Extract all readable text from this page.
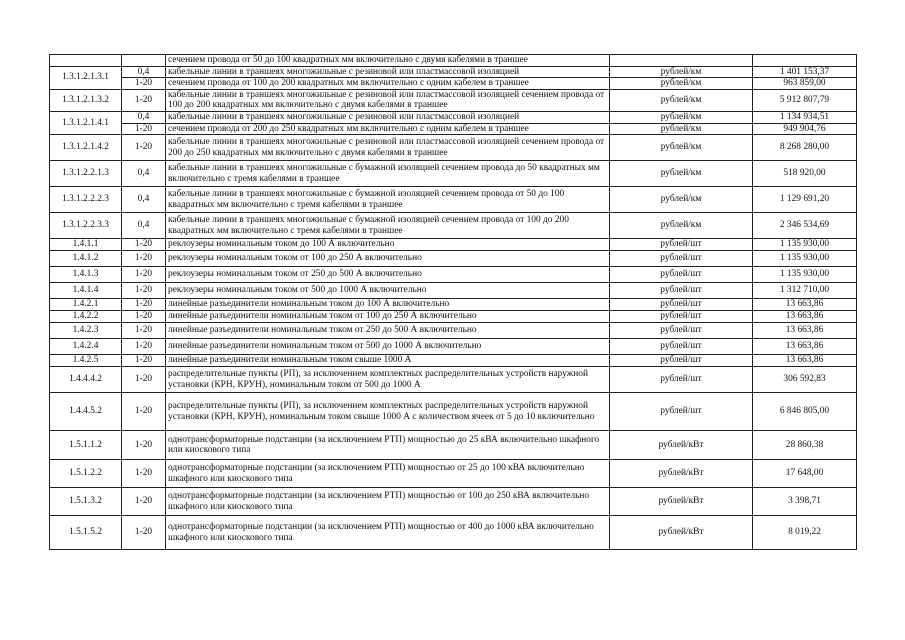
		сечением провода от 50 до 100 квадратных мм включительно с двумя кабелями в траншее		
1.3.1.2.1.3.1	0,4	кабельные линии в траншеях многожильные с резиновой или пластмассовой изоляцией	рублей/км	1 401 153,37
	1-20	сечением провода от 100 до 200 квадратных мм включительно с одним кабелем в траншее	рублей/км	963 859,00
1.3.1.2.1.3.2	1-20	кабельные линии в траншеях многожильные с резиновой или пластмассовой изоляцией сечением провода от 100 до 200 квадратных мм включительно с двумя кабелями в траншее	рублей/км	5 912 807,79
1.3.1.2.1.4.1	0,4	кабельные линии в траншеях многожильные с резиновой или пластмассовой изоляцией	рублей/км	1 134 934,51
	1-20	сечением провода от 200 до 250 квадратных мм включительно с одним кабелем в траншее	рублей/км	949 904,76
1.3.1.2.1.4.2	1-20	кабельные линии в траншеях многожильные с резиновой или пластмассовой изоляцией сечением провода от 200 до 250 квадратных мм включительно с двумя кабелями в траншее	рублей/км	8 268 280,00
1.3.1.2.2.1.3	0,4	кабельные линии в траншеях многожильные с бумажной изоляцией сечением провода до 50 квадратных мм включительно с тремя кабелями в траншее	рублей/км	518 920,00
1.3.1.2.2.2.3	0,4	кабельные линии в траншеях многожильные с бумажной изоляцией сечением провода от 50 до 100 квадратных мм включительно с тремя кабелями в траншее	рублей/км	1 129 691,20
1.3.1.2.2.3.3	0,4	кабельные линии в траншеях многожильные с бумажной изоляцией сечением провода от 100 до 200 квадратных мм включительно с тремя кабелями в траншее	рублей/км	2 346 534,69
1.4.1.1	1-20	реклоузеры номинальным током до 100 А включительно	рублей/шт	1 135 930,00
1.4.1.2	1-20	реклоузеры номинальным током от 100 до 250 А включительно	рублей/шт	1 135 930,00
1.4.1.3	1-20	реклоузеры номинальным током от 250 до 500 А включительно	рублей/шт	1 135 930,00
1.4.1.4	1-20	реклоузеры номинальным током от 500 до 1000 А включительно	рублей/шт	1 312 710,00
1.4.2.1	1-20	линейные разъединители номинальным током до 100 А включительно	рублей/шт	13 663,86
1.4.2.2	1-20	линейные разъединители номинальным током от 100 до 250 А включительно	рублей/шт	13 663,86
1.4.2.3	1-20	линейные разъединители номинальным током от 250 до 500 А включительно	рублей/шт	13 663,86
1.4.2.4	1-20	линейные разъединители номинальным током от 500 до 1000 А включительно	рублей/шт	13 663,86
1.4.2.5	1-20	линейные разъединители номинальным током свыше 1000 А	рублей/шт	13 663,86
1.4.4.4.2	1-20	распределительные пункты (РП), за исключением комплектных распределительных устройств наружной установки (КРН, КРУН), номинальным током от 500 до 1000 А	рублей/шт	306 592,83
1.4.4.5.2	1-20	распределительные пункты (РП), за исключением комплектных распределительных устройств наружной установки (КРН, КРУН), номинальным током свыше 1000 А с количеством ячеек от 5 до 10 включительно	рублей/шт	6 846 805,00
1.5.1.1.2	1-20	однотрансформаторные подстанции (за исключением РТП) мощностью до 25 кВА включительно шкафного или киоскового типа	рублей/кВт	28 860,38
1.5.1.2.2	1-20	однотрансформаторные подстанции (за исключением РТП) мощностью от 25 до 100 кВА включительно шкафного или киоскового типа	рублей/кВт	17 648,00
1.5.1.3.2	1-20	однотрансформаторные подстанции (за исключением РТП) мощностью от 100 до 250 кВА включительно шкафного или киоскового типа	рублей/кВт	3 398,71
1.5.1.5.2	1-20	однотрансформаторные подстанции (за исключением РТП) мощностью от 400 до 1000 кВА включительно шкафного или киоскового типа	рублей/кВт	8 019,22
